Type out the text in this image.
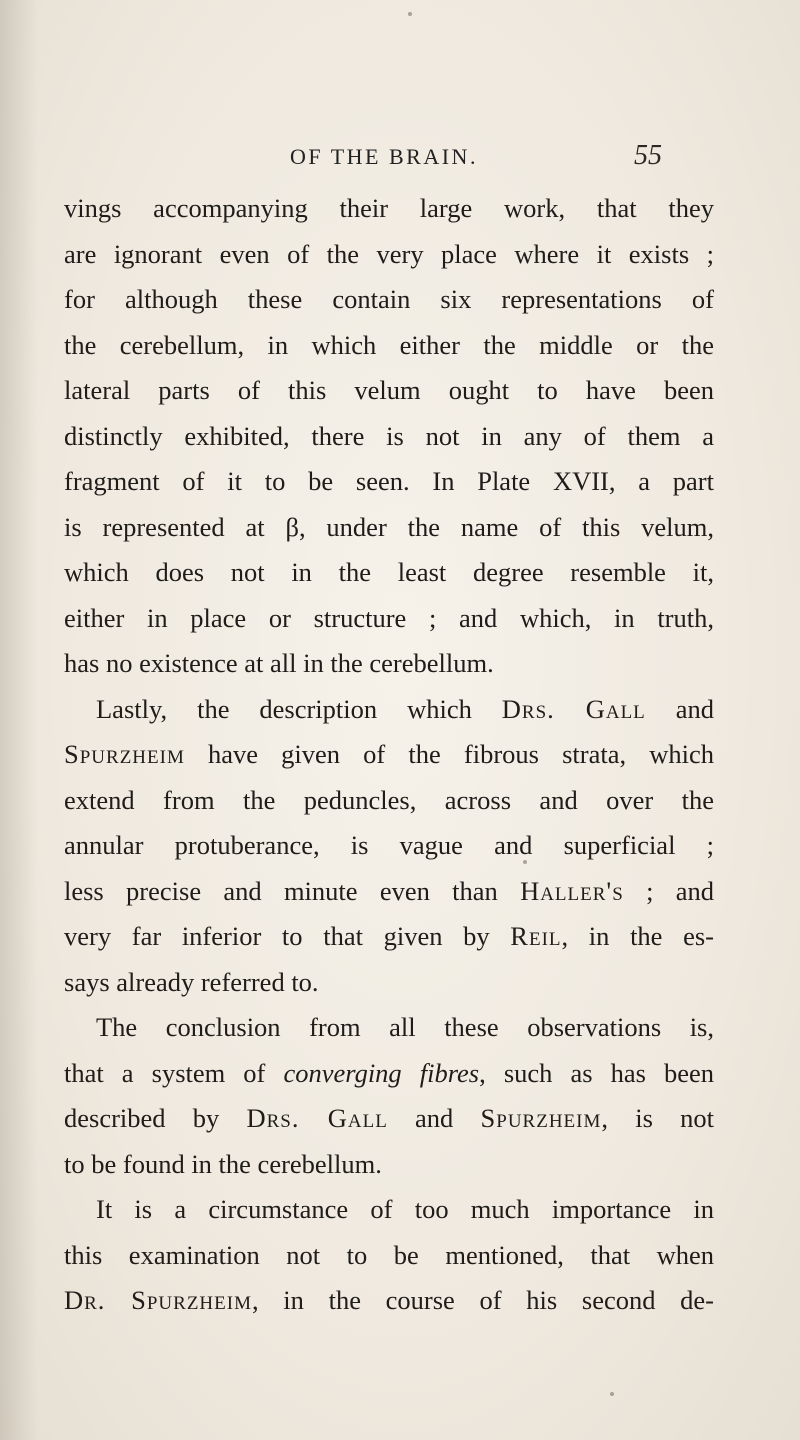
OF THE BRAIN.	55
vings accompanying their large work, that they
are ignorant even of the very place where it exists ;
for although these contain six representations of
the cerebellum, in which either the middle or the
lateral parts of this velum ought to have been
distinctly exhibited, there is not in any of them a
fragment of it to be seen. In Plate XVII, a part
is represented at β, under the name of this velum,
which does not in the least degree resemble it,
either in place or structure ; and which, in truth,
has no existence at all in the cerebellum.
Lastly, the description which Drs. Gall and
Spurzheim have given of the fibrous strata, which
extend from the peduncles, across and over the
annular protuberance, is vague and superficial ;
less precise and minute even than Haller's ; and
very far inferior to that given by Reil, in the es-
says already referred to.
The conclusion from all these observations is,
that a system of converging fibres, such as has been
described by Drs. Gall and Spurzheim, is not
to be found in the cerebellum.
It is a circumstance of too much importance in
this examination not to be mentioned, that when
Dr. Spurzheim, in the course of his second de-
